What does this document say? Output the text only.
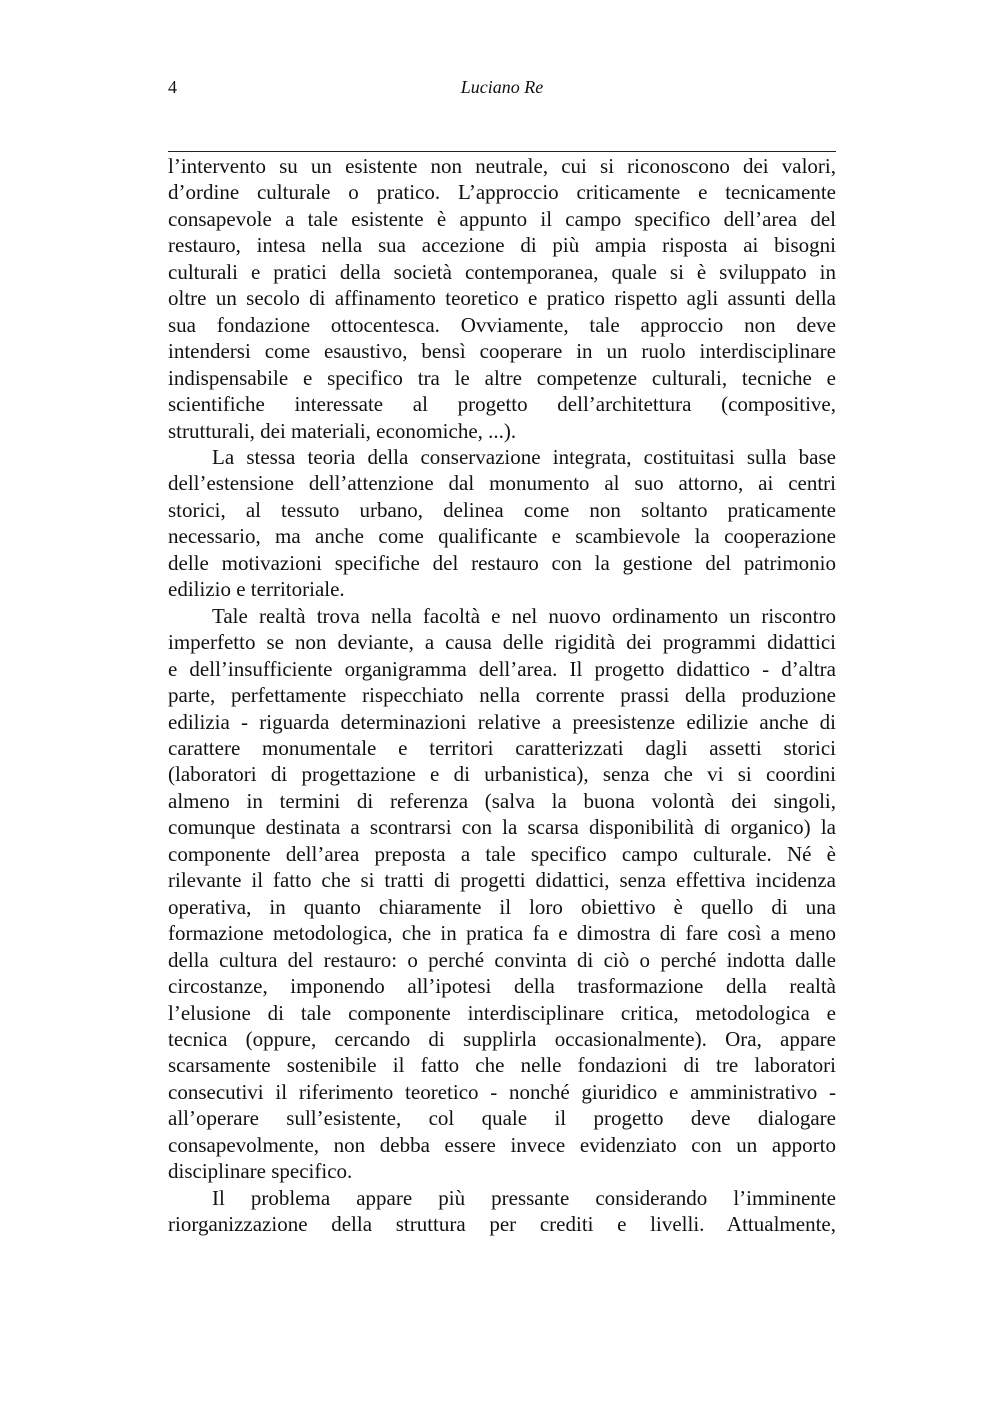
4	Luciano Re
l’intervento su un esistente non neutrale, cui si riconoscono dei valori,
d’ordine culturale o pratico. L’approccio criticamente e tecnicamente
consapevole a tale esistente è appunto il campo specifico dell’area del
restauro, intesa nella sua accezione di più ampia risposta ai bisogni
culturali e pratici della società contemporanea, quale si è sviluppato in
oltre un secolo di affinamento teoretico e pratico rispetto agli assunti della
sua fondazione ottocentesca. Ovviamente, tale approccio non deve
intendersi come esaustivo, bensì cooperare in un ruolo interdisciplinare
indispensabile e specifico tra le altre competenze culturali, tecniche e
scientifiche interessate al progetto dell’architettura (compositive,
strutturali, dei materiali, economiche, ...).
La stessa teoria della conservazione integrata, costituitasi sulla base
dell’estensione dell’attenzione dal monumento al suo attorno, ai centri
storici, al tessuto urbano, delinea come non soltanto praticamente
necessario, ma anche come qualificante e scambievole la cooperazione
delle motivazioni specifiche del restauro con la gestione del patrimonio
edilizio e territoriale.
Tale realtà trova nella facoltà e nel nuovo ordinamento un riscontro
imperfetto se non deviante, a causa delle rigidità dei programmi didattici
e dell’insufficiente organigramma dell’area. Il progetto didattico - d’altra
parte, perfettamente rispecchiato nella corrente prassi della produzione
edilizia - riguarda determinazioni relative a preesistenze edilizie anche di
carattere monumentale e territori caratterizzati dagli assetti storici
(laboratori di progettazione e di urbanistica), senza che vi si coordini
almeno in termini di referenza (salva la buona volontà dei singoli,
comunque destinata a scontrarsi con la scarsa disponibilità di organico) la
componente dell’area preposta a tale specifico campo culturale. Né è
rilevante il fatto che si tratti di progetti didattici, senza effettiva incidenza
operativa, in quanto chiaramente il loro obiettivo è quello di una
formazione metodologica, che in pratica fa e dimostra di fare così a meno
della cultura del restauro: o perché convinta di ciò o perché indotta dalle
circostanze, imponendo all’ipotesi della trasformazione della realtà
l’elusione di tale componente interdisciplinare critica, metodologica e
tecnica (oppure, cercando di supplirla occasionalmente). Ora, appare
scarsamente sostenibile il fatto che nelle fondazioni di tre laboratori
consecutivi il riferimento teoretico - nonché giuridico e amministrativo -
all’operare sull’esistente, col quale il progetto deve dialogare
consapevolmente, non debba essere invece evidenziato con un apporto
disciplinare specifico.
Il problema appare più pressante considerando l’imminente
riorganizzazione della struttura per crediti e livelli. Attualmente,
